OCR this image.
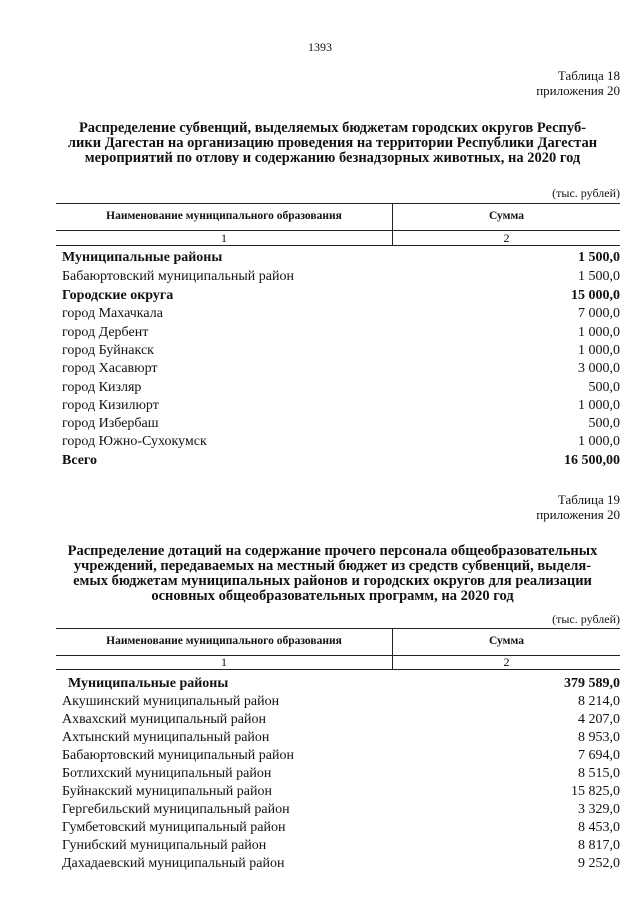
1393
Таблица 18
приложения 20
Распределение субвенций, выделяемых бюджетам городских округов Респуб-
лики Дагестан на организацию проведения на территории Республики Дагестан
мероприятий по отлову и содержанию безнадзорных животных, на 2020 год
(тыс. рублей)
Наименование муниципального образования	Сумма
1	2
Муниципальные районы	1 500,0
Бабаюртовский муниципальный район	1 500,0
Городские округа	15 000,0
город Махачкала	7 000,0
город Дербент	1 000,0
город Буйнакск	1 000,0
город Хасавюрт	3 000,0
город Кизляр	500,0
город Кизилюрт	1 000,0
город Избербаш	500,0
город Южно-Сухокумск	1 000,0
Всего	16 500,00
Таблица 19
приложения 20
Распределение дотаций на содержание прочего персонала общеобразовательных
учреждений, передаваемых на местный бюджет из средств субвенций, выделя-
емых бюджетам муниципальных районов и городских округов для реализации
основных общеобразовательных программ, на 2020 год
(тыс. рублей)
Наименование муниципального образования	Сумма
1	2
Муниципальные районы	379 589,0
Акушинский муниципальный район	8 214,0
Ахвахский муниципальный район	4 207,0
Ахтынский муниципальный район	8 953,0
Бабаюртовский муниципальный район	7 694,0
Ботлихский муниципальный район	8 515,0
Буйнакский муниципальный район	15 825,0
Гергебильский муниципальный район	3 329,0
Гумбетовский муниципальный район	8 453,0
Гунибский муниципальный район	8 817,0
Дахадаевский муниципальный район	9 252,0
